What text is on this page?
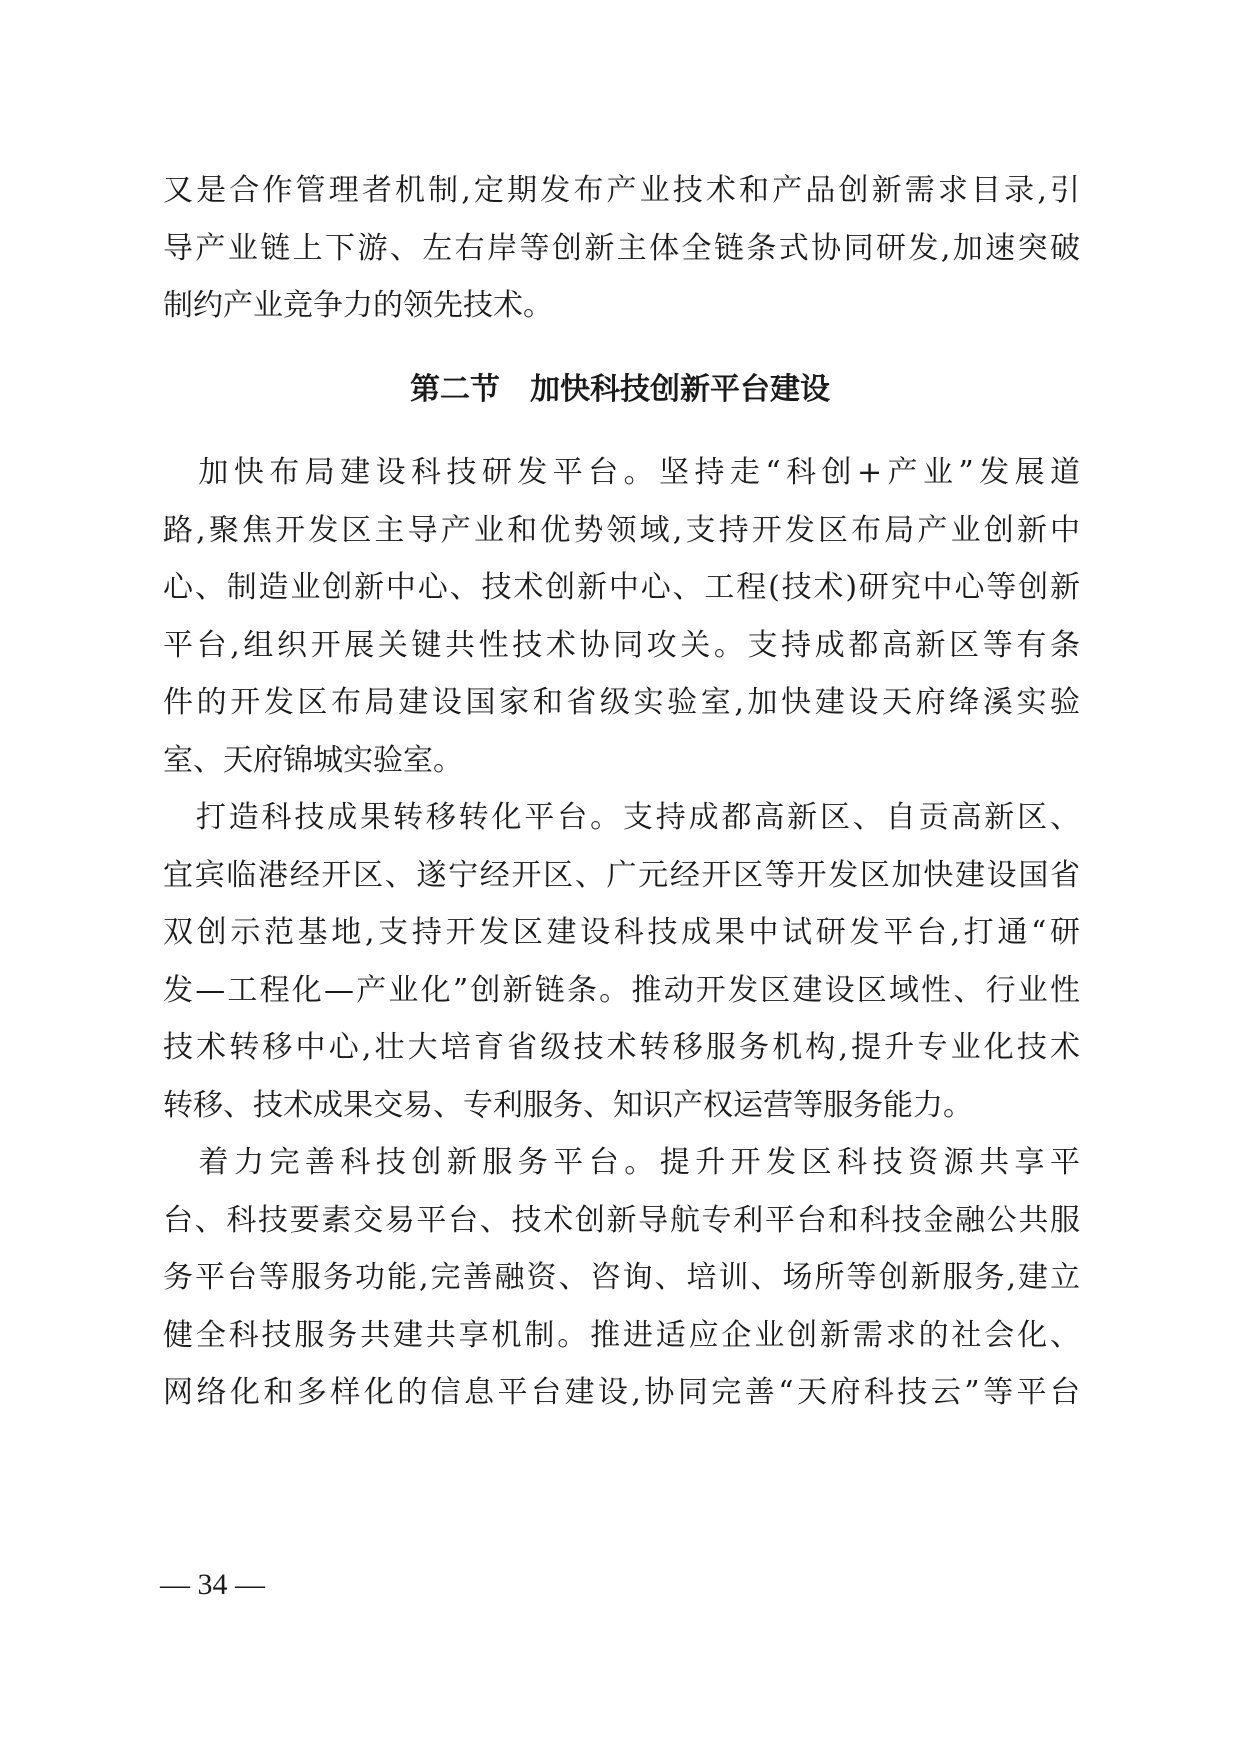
又是合作管理者机制,定期发布产业技术和产品创新需求目录,引
导产业链上下游、左右岸等创新主体全链条式协同研发,加速突破
制约产业竞争力的领先技术。
第二节　加快科技创新平台建设
　加快布局建设科技研发平台。坚持走“科创+产业”发展道
路,聚焦开发区主导产业和优势领域,支持开发区布局产业创新中
心、制造业创新中心、技术创新中心、工程(技术)研究中心等创新
平台,组织开展关键共性技术协同攻关。支持成都高新区等有条
件的开发区布局建设国家和省级实验室,加快建设天府绛溪实验
室、天府锦城实验室。
　打造科技成果转移转化平台。支持成都高新区、自贡高新区、
宜宾临港经开区、遂宁经开区、广元经开区等开发区加快建设国省
双创示范基地,支持开发区建设科技成果中试研发平台,打通“研
发—工程化—产业化”创新链条。推动开发区建设区域性、行业性
技术转移中心,壮大培育省级技术转移服务机构,提升专业化技术
转移、技术成果交易、专利服务、知识产权运营等服务能力。
　着力完善科技创新服务平台。提升开发区科技资源共享平
台、科技要素交易平台、技术创新导航专利平台和科技金融公共服
务平台等服务功能,完善融资、咨询、培训、场所等创新服务,建立
健全科技服务共建共享机制。推进适应企业创新需求的社会化、
网络化和多样化的信息平台建设,协同完善“天府科技云”等平台
— 34 —
